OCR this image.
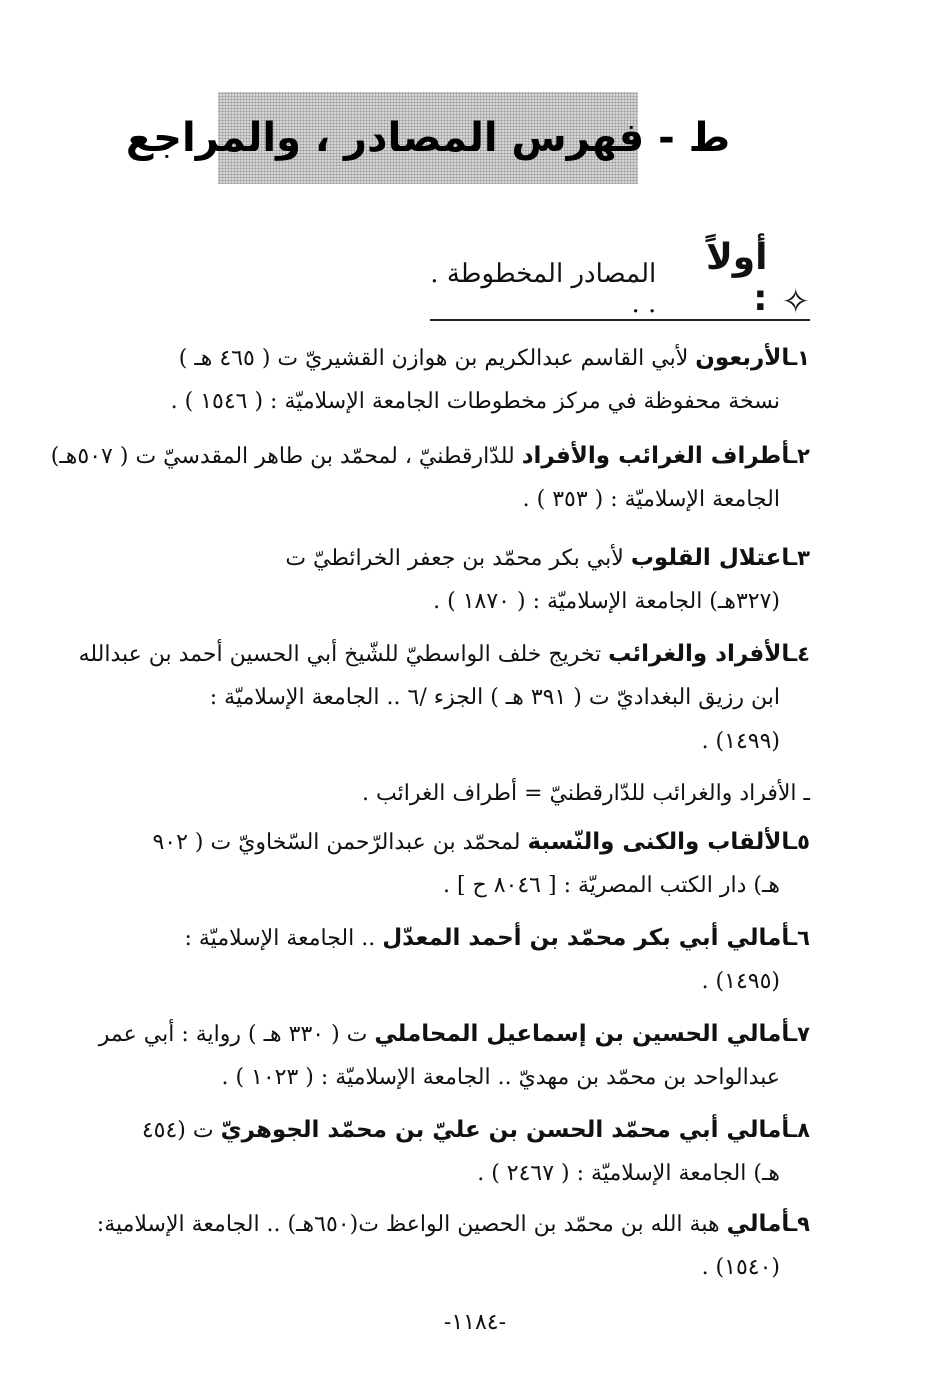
ط - فهرس المصادر ، والمراجع
✧
أولاً :
المصادر المخطوطة . . .
١ـالأربعون لأبي القاسم عبدالكريم بن هوازن القشيريّ ت ( ٤٦٥ هـ )
نسخة محفوظة في مركز مخطوطات الجامعة الإسلاميّة : ( ١٥٤٦ ) .
٢ـأطراف الغرائب والأفراد للدّارقطنيّ ، لمحمّد بن طاهر المقدسيّ ت ( ٥٠٧هـ)
الجامعة الإسلاميّة : ( ٣٥٣ ) .
٣ـاعتلال القلوب لأبي بكر محمّد بن جعفر الخرائطيّ ت
(٣٢٧هـ) الجامعة الإسلاميّة : ( ١٨٧٠ ) .
٤ـالأفراد والغرائب تخريج خلف الواسطيّ للشّيخ أبي الحسين أحمد بن عبدالله
ابن رزيق البغداديّ ت ( ٣٩١ هـ ) الجزء /٦ .. الجامعة الإسلاميّة :
(١٤٩٩) .
ـ الأفراد والغرائب للدّارقطنيّ = أطراف الغرائب .
٥ـالألقاب والكنى والنّسبة لمحمّد بن عبدالرّحمن السّخاويّ ت ( ٩٠٢
هـ) دار الكتب المصريّة : [ ٨٠٤٦ ح ] .
٦ـأمالي أبي بكر محمّد بن أحمد المعدّل .. الجامعة الإسلاميّة :
(١٤٩٥) .
٧ـأمالي الحسين بن إسماعيل المحاملي ت ( ٣٣٠ هـ ) رواية : أبي عمر
عبدالواحد بن محمّد بن مهديّ .. الجامعة الإسلاميّة : ( ١٠٢٣ ) .
٨ـأمالي أبي محمّد الحسن بن عليّ بن محمّد الجوهريّ ت (٤٥٤
هـ) الجامعة الإسلاميّة : ( ٢٤٦٧ ) .
٩ـأمالي هبة الله بن محمّد بن الحصين الواعظ ت(٦٥٠هـ) .. الجامعة الإسلامية:
(١٥٤٠) .
-١١٨٤-
